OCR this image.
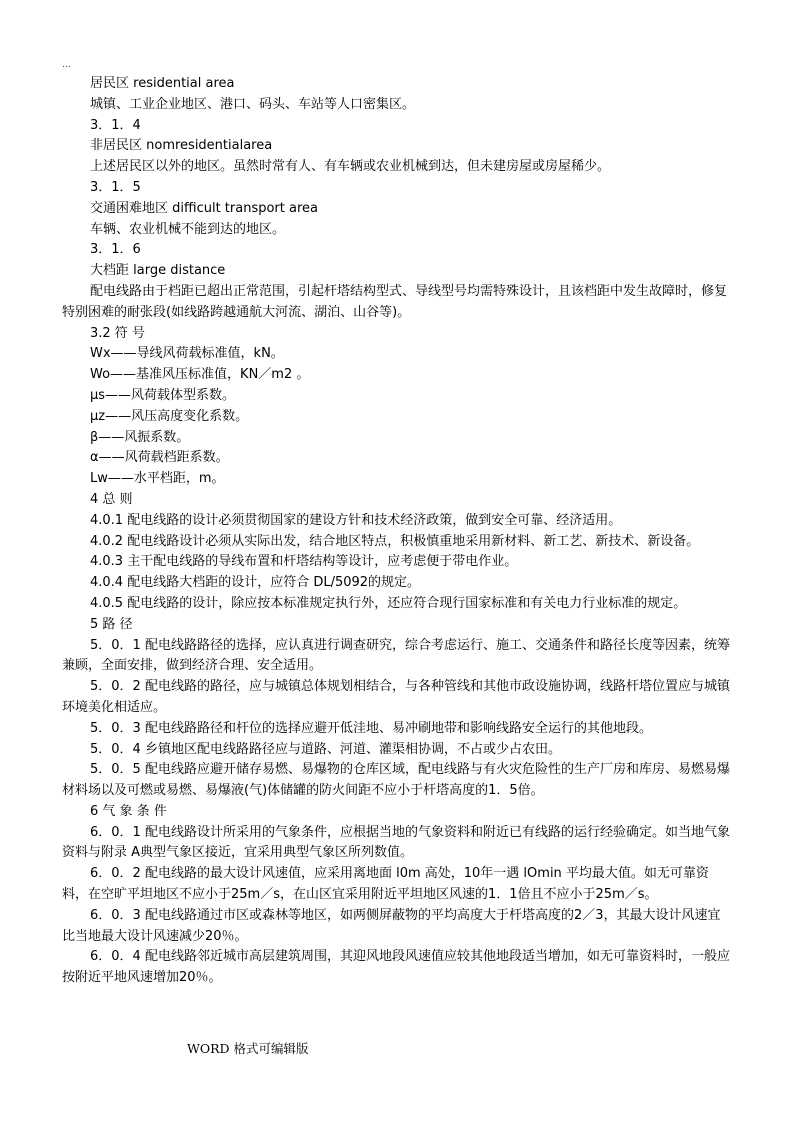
...

居民区 residential area

城镇、工业企业地区、港口、码头、车站等人口密集区。

3．1．4

非居民区 nomresidentialarea

上述居民区以外的地区。虽然时常有人、有车辆或农业机械到达，但未建房屋或房屋稀少。

3．1．5

交通困难地区 difficult transport area

车辆、农业机械不能到达的地区。

3．1．6

大档距 large distance

配电线路由于档距已超出正常范围，引起杆塔结构型式、导线型号均需特殊设计，且该档距中发生故障时，修复特别困难的耐张段(如线路跨越通航大河流、湖泊、山谷等)。

3.2 符 号

Wx——导线风荷载标准值，kN。

Wo——基准风压标准值，KN／m2 。

μs——风荷载体型系数。

μz——风压高度变化系数。

β——风振系数。

α——风荷载档距系数。

Lw——水平档距，m。

4 总 则

4.0.1 配电线路的设计必须贯彻国家的建设方针和技术经济政策，做到安全可靠、经济适用。

4.0.2 配电线路设计必须从实际出发，结合地区特点，积极慎重地采用新材料、新工艺、新技术、新设备。

4.0.3 主干配电线路的导线布置和杆塔结构等设计，应考虑便于带电作业。

4.0.4 配电线路大档距的设计，应符合 DL/5092的规定。

4.0.5 配电线路的设计，除应按本标准规定执行外，还应符合现行国家标准和有关电力行业标准的规定。

5 路 径

5．0．1 配电线路路径的选择，应认真进行调查研究，综合考虑运行、施工、交通条件和路径长度等因素，统筹兼顾，全面安排，做到经济合理、安全适用。

5．0．2 配电线路的路径，应与城镇总体规划相结合，与各种管线和其他市政设施协调，线路杆塔位置应与城镇环境美化相适应。

5．0．3 配电线路路径和杆位的选择应避开低洼地、易冲刷地带和影响线路安全运行的其他地段。

5．0．4 乡镇地区配电线路路径应与道路、河道、灌渠相协调，不占或少占农田。

5．0．5 配电线路应避开储存易燃、易爆物的仓库区域，配电线路与有火灾危险性的生产厂房和库房、易燃易爆材料场以及可燃或易燃、易爆液(气)体储罐的防火间距不应小于杆塔高度的1．5倍。

6 气 象 条 件

6．0．1 配电线路设计所采用的气象条件，应根据当地的气象资料和附近已有线路的运行经验确定。如当地气象资料与附录 A典型气象区接近，宜采用典型气象区所列数值。

6．0．2 配电线路的最大设计风速值，应采用离地面 l0m 高处，10年一遇 lOmin 平均最大值。如无可靠资料，在空旷平坦地区不应小于25m／s，在山区宜采用附近平坦地区风速的1．1倍且不应小于25m／s。

6．0．3 配电线路通过市区或森林等地区，如两侧屏蔽物的平均高度大于杆塔高度的2／3，其最大设计风速宜比当地最大设计风速减少20％。

6．0．4 配电线路邻近城市高层建筑周围，其迎风地段风速值应较其他地段适当增加，如无可靠资料时，一般应按附近平地风速增加20％。

WORD 格式可编辑版
